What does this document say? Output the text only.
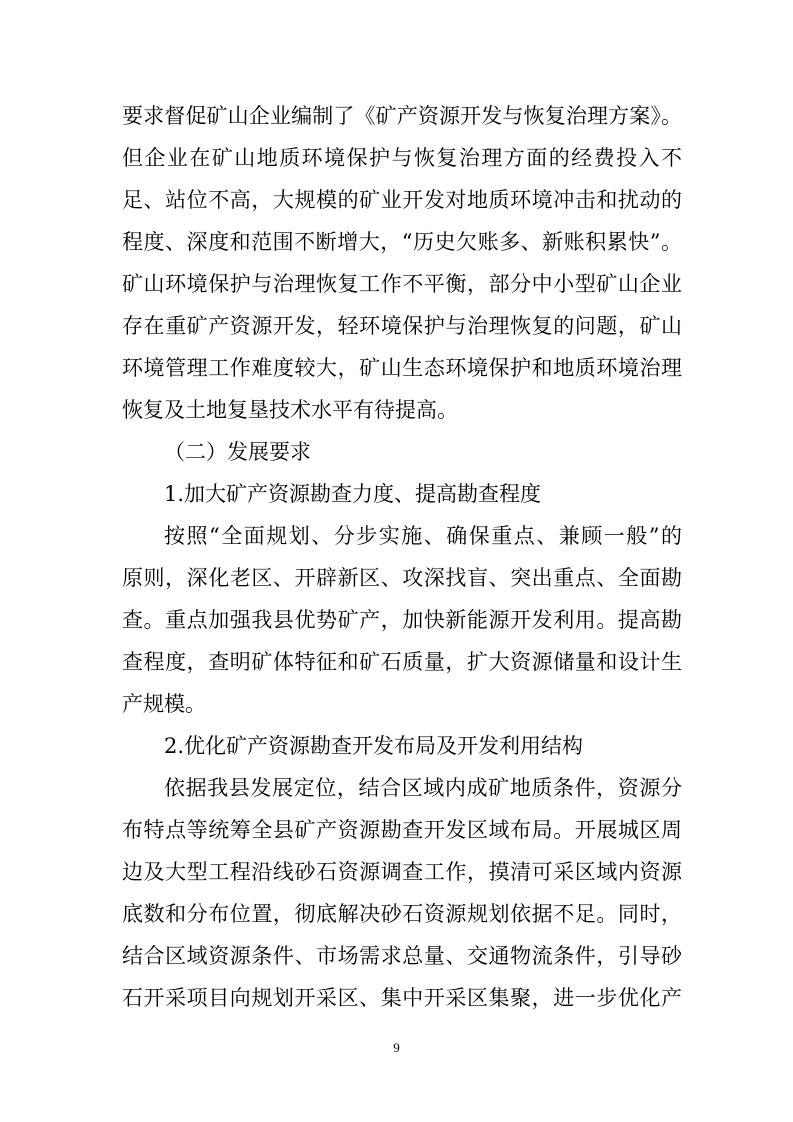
要求督促矿山企业编制了《矿产资源开发与恢复治理方案》。
但企业在矿山地质环境保护与恢复治理方面的经费投入不
足、站位不高，大规模的矿业开发对地质环境冲击和扰动的
程度、深度和范围不断增大，“历史欠账多、新账积累快”。
矿山环境保护与治理恢复工作不平衡，部分中小型矿山企业
存在重矿产资源开发，轻环境保护与治理恢复的问题，矿山
环境管理工作难度较大，矿山生态环境保护和地质环境治理
恢复及土地复垦技术水平有待提高。
（二）发展要求
1.加大矿产资源勘查力度、提高勘查程度
按照“全面规划、分步实施、确保重点、兼顾一般”的
原则，深化老区、开辟新区、攻深找盲、突出重点、全面勘
查。重点加强我县优势矿产，加快新能源开发利用。提高勘
查程度，查明矿体特征和矿石质量，扩大资源储量和设计生
产规模。
2.优化矿产资源勘查开发布局及开发利用结构
依据我县发展定位，结合区域内成矿地质条件，资源分
布特点等统筹全县矿产资源勘查开发区域布局。开展城区周
边及大型工程沿线砂石资源调查工作，摸清可采区域内资源
底数和分布位置，彻底解决砂石资源规划依据不足。同时，
结合区域资源条件、市场需求总量、交通物流条件，引导砂
石开采项目向规划开采区、集中开采区集聚，进一步优化产
9
